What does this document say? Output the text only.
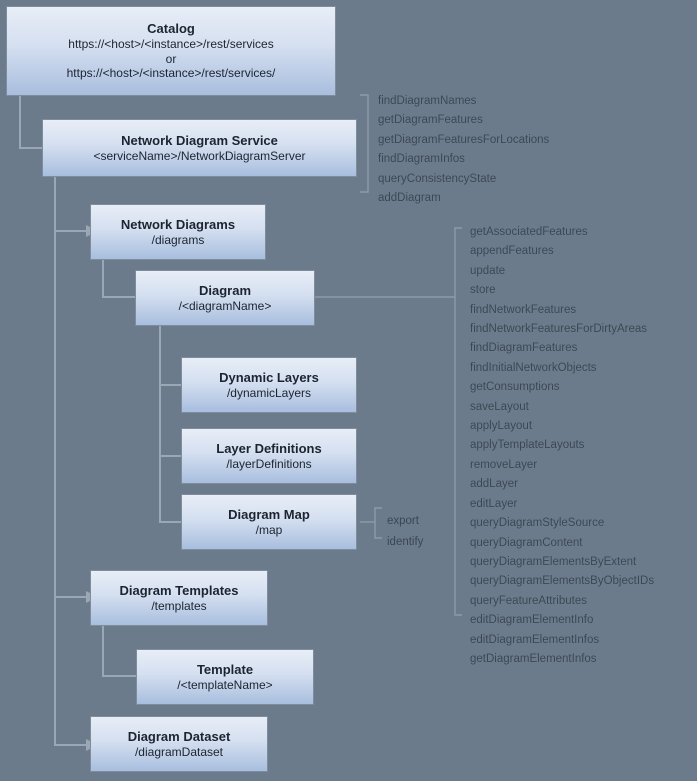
Catalog
https://<host>/<instance>/rest/services
or
https://<host>/<instance>/rest/services/
Network Diagram Service
<serviceName>/NetworkDiagramServer
Network Diagrams
/diagrams
Diagram
/<diagramName>
Dynamic Layers
/dynamicLayers
Layer Definitions
/layerDefinitions
Diagram Map
/map
Diagram Templates
/templates
Template
/<templateName>
Diagram Dataset
/diagramDataset
findDiagramNames
getDiagramFeatures
getDiagramFeaturesForLocations
findDiagramInfos
queryConsistencyState
addDiagram
getAssociatedFeatures
appendFeatures
update
store
findNetworkFeatures
findNetworkFeaturesForDirtyAreas
findDiagramFeatures
findInitialNetworkObjects
getConsumptions
saveLayout
applyLayout
applyTemplateLayouts
removeLayer
addLayer
editLayer
queryDiagramStyleSource
queryDiagramContent
queryDiagramElementsByExtent
queryDiagramElementsByObjectIDs
queryFeatureAttributes
editDiagramElementInfo
editDiagramElementInfos
getDiagramElementInfos
export
identify
